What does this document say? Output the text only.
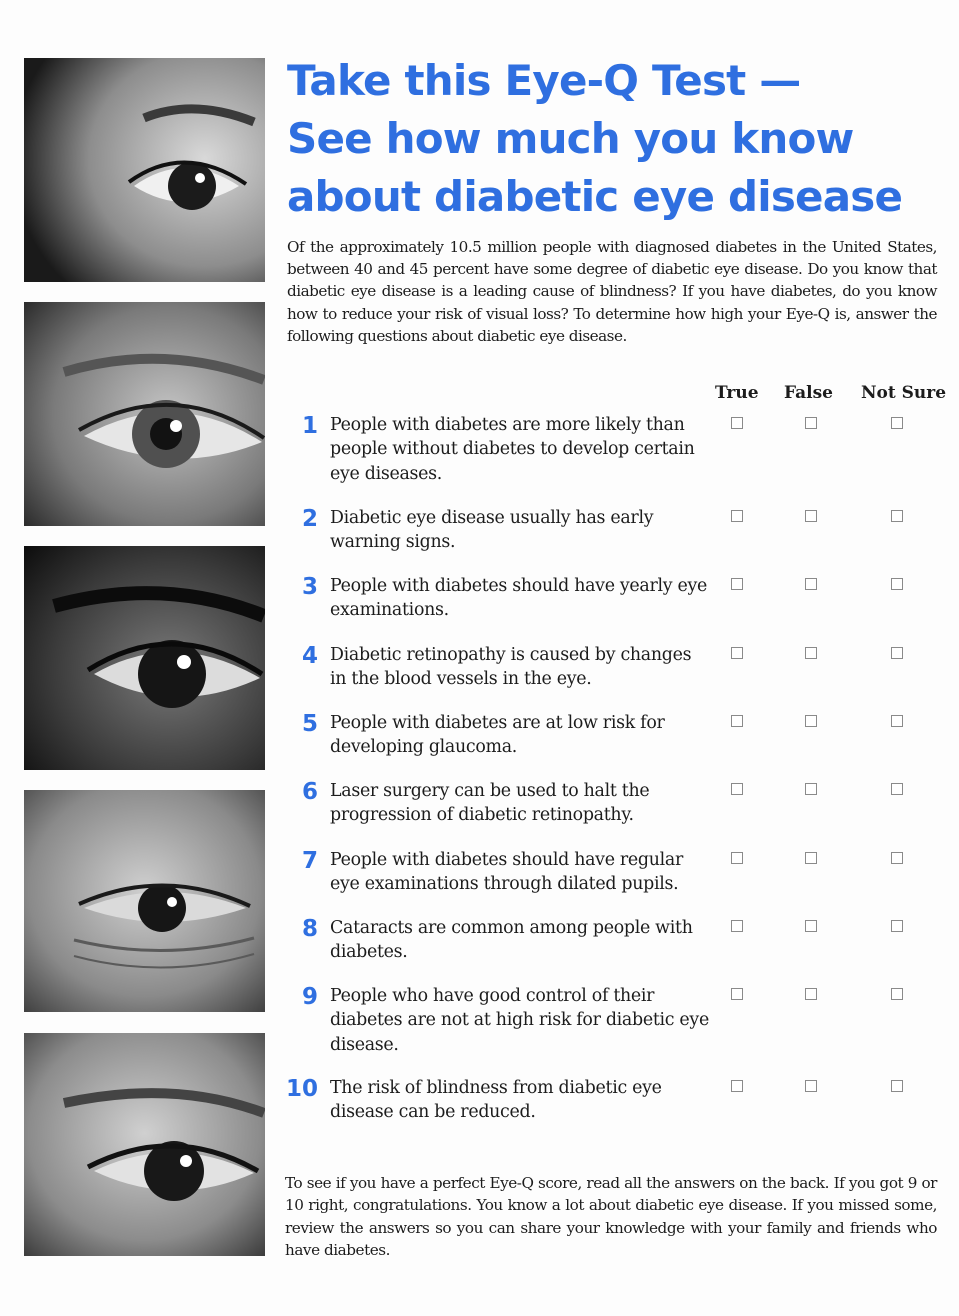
Take this Eye-Q Test —
See how much you know
about diabetic eye disease

Of the approximately 10.5 million people with diagnosed diabetes in the United States, between 40 and 45 percent have some degree of diabetic eye disease. Do you know that diabetic eye disease is a leading cause of blindness? If you have diabetes, do you know how to reduce your risk of visual loss? To determine how high your Eye-Q is, answer the following questions about diabetic eye disease.

True False Not Sure
1 People with diabetes are more likely than people without diabetes to develop certain eye diseases.
2 Diabetic eye disease usually has early warning signs.
3 People with diabetes should have yearly eye examinations.
4 Diabetic retinopathy is caused by changes in the blood vessels in the eye.
5 People with diabetes are at low risk for developing glaucoma.
6 Laser surgery can be used to halt the progression of diabetic retinopathy.
7 People with diabetes should have regular eye examinations through dilated pupils.
8 Cataracts are common among people with diabetes.
9 People who have good control of their diabetes are not at high risk for diabetic eye disease.
10 The risk of blindness from diabetic eye disease can be reduced.

To see if you have a perfect Eye-Q score, read all the answers on the back. If you got 9 or 10 right, congratulations. You know a lot about diabetic eye disease. If you missed some, review the answers so you can share your knowledge with your family and friends who have diabetes.
